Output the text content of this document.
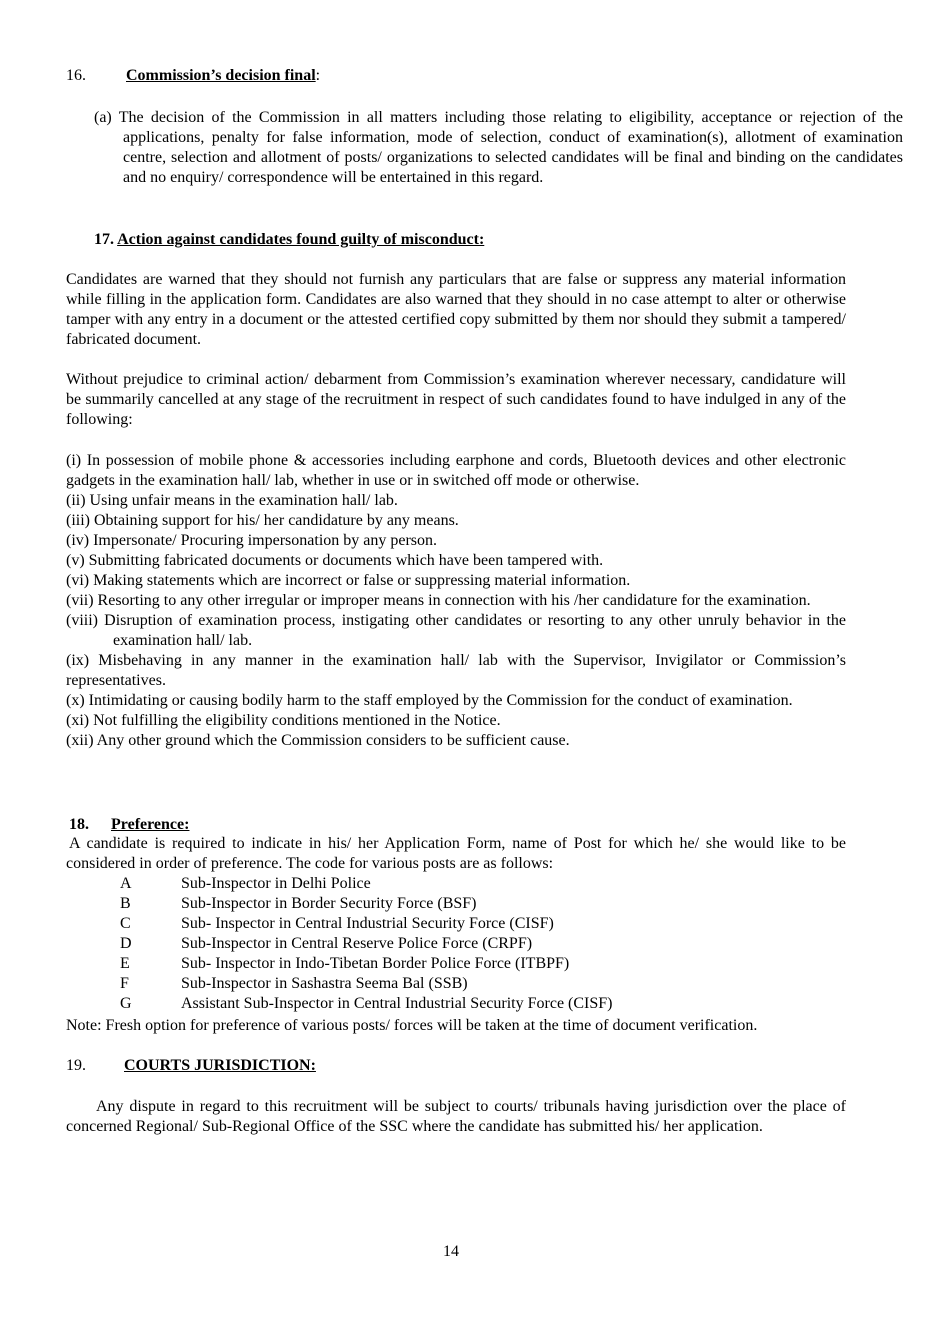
16.	Commission’s decision final:

(a) The decision of the Commission in all matters including those relating to eligibility, acceptance or rejection of the applications, penalty for false information, mode of selection, conduct of examination(s), allotment of examination centre, selection and allotment of posts/ organizations to selected candidates will be final and binding on the candidates and no enquiry/ correspondence will be entertained in this regard.

17. Action against candidates found guilty of misconduct:

Candidates are warned that they should not furnish any particulars that are false or suppress any material information while filling in the application form. Candidates are also warned that they should in no case attempt to alter or otherwise tamper with any entry in a document or the attested certified copy submitted by them nor should they submit a tampered/ fabricated document.

Without prejudice to criminal action/ debarment from Commission’s examination wherever necessary, candidature will be summarily cancelled at any stage of the recruitment in respect of such candidates found to have indulged in any of the following:

(i) In possession of mobile phone & accessories including earphone and cords, Bluetooth devices and other electronic gadgets in the examination hall/ lab, whether in use or in switched off mode or otherwise.

(ii) Using unfair means in the examination hall/ lab.

(iii) Obtaining support for his/ her candidature by any means.

(iv) Impersonate/ Procuring impersonation by any person.

(v) Submitting fabricated documents or documents which have been tampered with.

(vi) Making statements which are incorrect or false or suppressing material information.

(vii) Resorting to any other irregular or improper means in connection with his /her candidature for the examination.

(viii) Disruption of examination process, instigating other candidates or resorting to any other unruly behavior in the examination hall/ lab.

(ix) Misbehaving in any manner in the examination hall/ lab with the Supervisor, Invigilator or Commission’s representatives.

(x) Intimidating or causing bodily harm to the staff employed by the Commission for the conduct of examination.

(xi) Not fulfilling the eligibility conditions mentioned in the Notice.

(xii) Any other ground which the Commission considers to be sufficient cause.

18. Preference:

A candidate is required to indicate in his/ her Application Form, name of Post for which he/ she would like to be considered in order of preference. The code for various posts are as follows:

A	Sub-Inspector in Delhi Police
B	Sub-Inspector in Border Security Force (BSF)
C	Sub- Inspector in Central Industrial Security Force (CISF)
D	Sub-Inspector in Central Reserve Police Force (CRPF)
E	Sub- Inspector in Indo-Tibetan Border Police Force (ITBPF)
F	Sub-Inspector in Sashastra Seema Bal (SSB)
G	Assistant Sub-Inspector in Central Industrial Security Force (CISF)

Note: Fresh option for preference of various posts/ forces will be taken at the time of document verification.

19. COURTS JURISDICTION:

Any dispute in regard to this recruitment will be subject to courts/ tribunals having jurisdiction over the place of concerned Regional/ Sub-Regional Office of the SSC where the candidate has submitted his/ her application.

14
